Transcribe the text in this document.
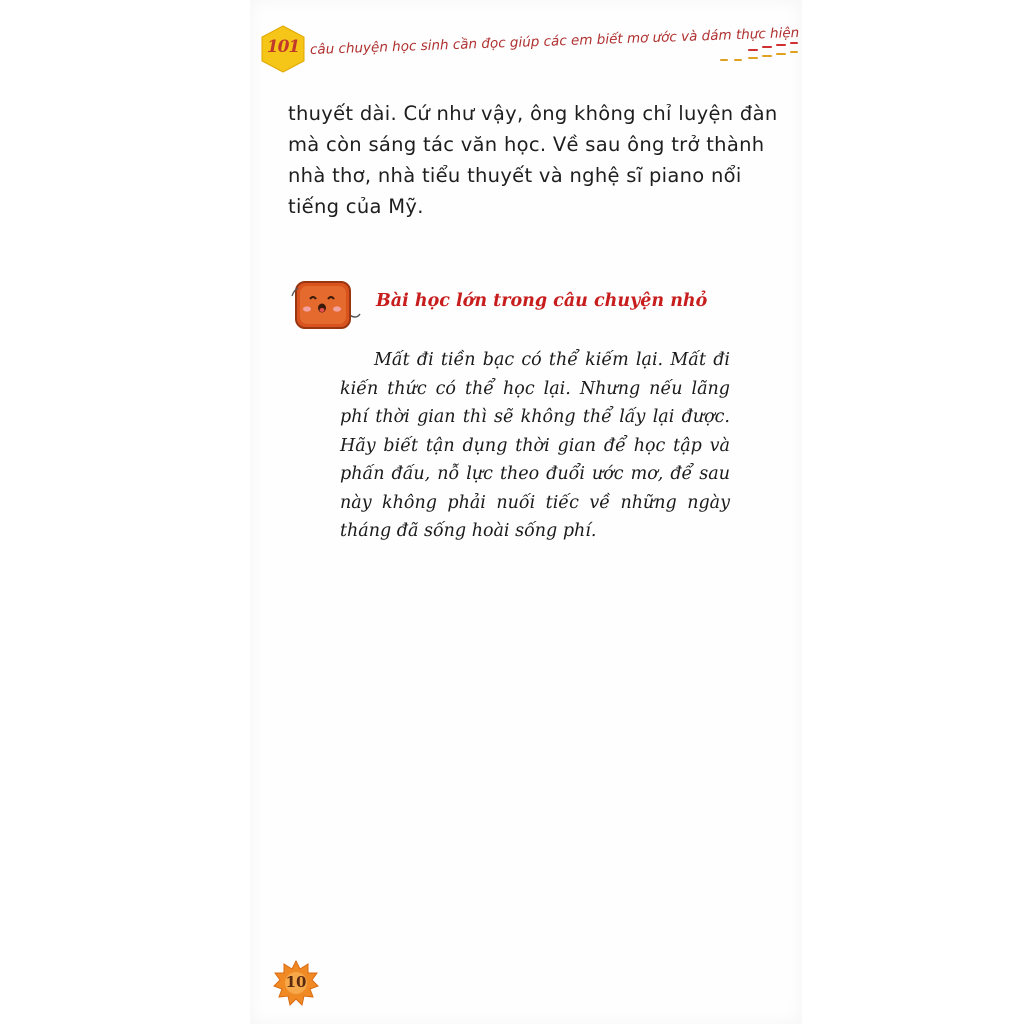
101 câu chuyện học sinh cần đọc giúp các em biết mơ ước và dám thực hiện

thuyết dài. Cứ như vậy, ông không chỉ luyện đàn mà còn sáng tác văn học. Về sau ông trở thành nhà thơ, nhà tiểu thuyết và nghệ sĩ piano nổi tiếng của Mỹ.

Bài học lớn trong câu chuyện nhỏ

Mất đi tiền bạc có thể kiếm lại. Mất đi kiến thức có thể học lại. Nhưng nếu lãng phí thời gian thì sẽ không thể lấy lại được. Hãy biết tận dụng thời gian để học tập và phấn đấu, nỗ lực theo đuổi ước mơ, để sau này không phải nuối tiếc về những ngày tháng đã sống hoài sống phí.

10
